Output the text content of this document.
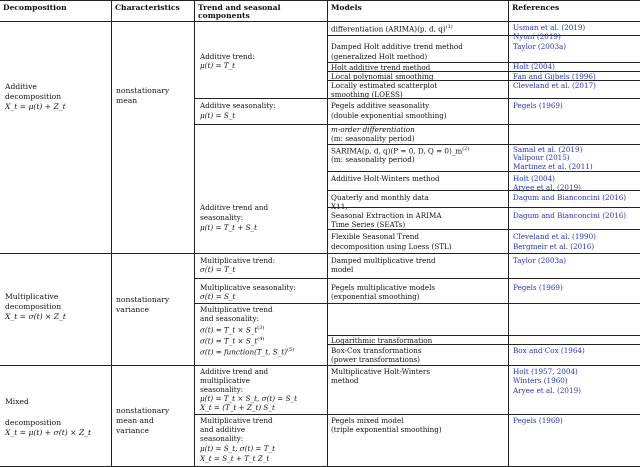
Decomposition	Characteristics Trend and seasonal
components
Models	References
Additive
decomposition
X_t = μ(t) + Z_t
nonstationary
mean
Additive trend:
μ(t) = T_t
differentiation (ARIMA)(p, d, q)$^{(1)}$
Damped Holt additive trend method
(generalized Holt method)
Holt additive trend method
Local polynomial smoothing
Locally estimated scatterplot
smoothing (LOESS)
Usman et al. (2019)
Nyoni (2019)
Taylor (2003a)
Holt (2004)
Fan and Gijbels (1996)
Cleveland et al. (2017)
Additive seasonality:
μ(t) = S_t
Pegels additive seasonality
(double exponential smoothing)
Pegels (1969)
Additive trend and
seasonality:
μ(t) = T_t + S_t
m-order differentiation
(m: seasonality period)
SARIMA(p, d, q)(P = 0, D, $Q = 0)\_m^{(2)}$
(m: seasonality period)
Additive Holt-Winters method
Quaterly and monthly data
X11,
Seasonal Extraction in ARIMA
Time Series (SEATs)
Flexible Seasonal Trend
decomposition using Loess (STL)
Samal et al. (2019)
Valipour (2015)
Martinez et al. (2011)
Holt (2004)
Aryee et al. (2019)
Dagum and Bianconcini (2016)
Dagum and Bianconcini (2016)
Cleveland et al. (1990)
Bergmeir et al. (2016)
Multiplicative
decomposition
X_t = σ(t) × Z_t
nonstationary
variance
Multiplicative trend:
σ(t) = T_t
Multiplicative seasonality:
σ(t) = S_t
Multiplicative trend
and seasonality:
σ(t) = T_t × $S\_t^{(3)}$
σ(t) = T_t × $S\_t^{(4)}$
σ(t) = function(T_t, S_t)$^{(5)}$
Damped multiplicative trend
model
Pegels multiplicative models
(exponential smoothing)
Logarithmic transformation
Box-Cox transformations
(power transformations)
Taylor (2003a)
Pegels (1969)
Box and Cox (1964)
Mixed
decomposition
X_t = μ(t) + σ(t) × Z_t
nonstationary
mean and
variance
Additive trend and
multiplicative
seasonality:
μ(t) = T_t × S_t, σ(t) = S_t
X_t = (T_t + Z_t) S_t
Multiplicative Holt-Winters
method
Holt (1957, 2004)
Winters (1960)
Aryee et al. (2019)
Multiplicative trend
and additive
seasonality:
μ(t) = S_t, σ(t) = T_t
X_t = S_t + T_t Z_t
Pegels mixed model
(triple exponential smoothing)
Pegels (1969)
